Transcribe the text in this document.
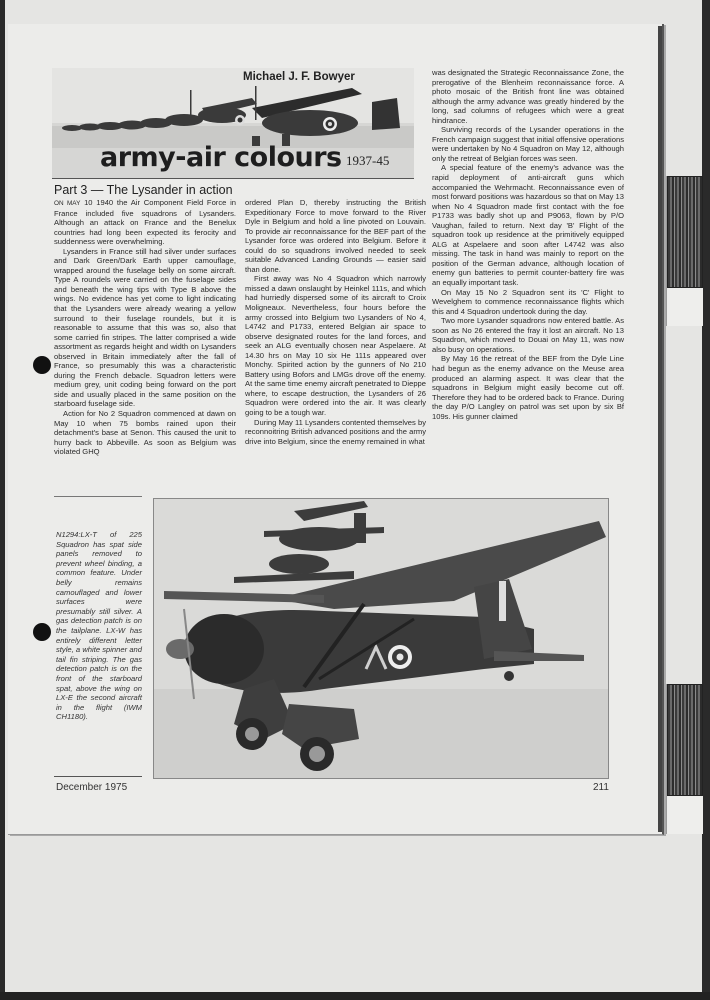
Michael J. F. Bowyer
army-air colours 1937-45
Part 3 — The Lysander in action

ON MAY 10 1940 the Air Component Field Force in France included five squadrons of Lysanders. Although an attack on France and the Benelux countries had long been expected its ferocity and suddenness were overwhelming.

Lysanders in France still had silver under surfaces and Dark Green/Dark Earth upper camouflage, wrapped around the fuselage belly on some aircraft. Type A roundels were carried on the fuselage sides and beneath the wing tips with Type B above the wings. No evidence has yet come to light indicating that the Lysanders were already wearing a yellow surround to their fuselage roundels, but it is reasonable to assume that this was so, also that some carried fin stripes. The latter comprised a wide assortment as regards height and width on Lysanders observed in Britain immediately after the fall of France, so presumably this was a characteristic during the French debacle. Squadron letters were medium grey, unit coding being forward on the port side and usually placed in the same position on the starboard fuselage side.

Action for No 2 Squadron commenced at dawn on May 10 when 75 bombs rained upon their detachment's base at Senon. This caused the unit to hurry back to Abbeville. As soon as Belgium was violated GHQ

ordered Plan D, thereby instructing the British Expeditionary Force to move forward to the River Dyle in Belgium and hold a line pivoted on Louvain. To provide air reconnaissance for the BEF part of the Lysander force was ordered into Belgium. Before it could do so squadrons involved needed to seek suitable Advanced Landing Grounds — easier said than done.

First away was No 4 Squadron which narrowly missed a dawn onslaught by Heinkel 111s, and which had hurriedly dispersed some of its aircraft to Croix Moligneaux. Nevertheless, four hours before the army crossed into Belgium two Lysanders of No 4, L4742 and P1733, entered Belgian air space to observe designated routes for the land forces, and seek an ALG eventually chosen near Aspelaere. At 14.30 hrs on May 10 six He 111s appeared over Monchy. Spirited action by the gunners of No 210 Battery using Bofors and LMGs drove off the enemy. At the same time enemy aircraft penetrated to Dieppe where, to escape destruction, the Lysanders of 26 Squadron were ordered into the air. It was clearly going to be a tough war.

During May 11 Lysanders contented themselves by reconnoitring British advanced positions and the army drive into Belgium, since the enemy remained in what

was designated the Strategic Reconnaissance Zone, the prerogative of the Blenheim reconnaissance force. A photo mosaic of the British front line was obtained although the army advance was greatly hindered by the long, sad columns of refugees which were a great hindrance.

Surviving records of the Lysander operations in the French campaign suggest that initial offensive operations were undertaken by No 4 Squadron on May 12, although only the retreat of Belgian forces was seen.

A special feature of the enemy's advance was the rapid deployment of anti-aircraft guns which accompanied the Wehrmacht. Reconnaissance even of most forward positions was hazardous so that on May 13 when No 4 Squadron made first contact with the foe P1733 was badly shot up and P9063, flown by P/O Vaughan, failed to return. Next day 'B' Flight of the squadron took up residence at the primitively equipped ALG at Aspelaere and soon after L4742 was also missing. The task in hand was mainly to report on the position of the German advance, although location of enemy gun batteries to permit counter-battery fire was an equally important task.

On May 15 No 2 Squadron sent its 'C' Flight to Wevelghem to commence reconnaissance flights which this and 4 Squadron undertook during the day.

Two more Lysander squadrons now entered battle. As soon as No 26 entered the fray it lost an aircraft. No 13 Squadron, which moved to Douai on May 11, was now also busy on operations.

By May 16 the retreat of the BEF from the Dyle Line had begun as the enemy advance on the Meuse area produced an alarming aspect. It was clear that the squadrons in Belgium might easily become cut off. Therefore they had to be ordered back to France. During the day P/O Langley on patrol was set upon by six Bf 109s. His gunner claimed

N1294:LX-T of 225 Squadron has spat side panels removed to prevent wheel binding, a common feature. Under belly remains camouflaged and lower surfaces were presumably still silver. A gas detection patch is on the tailplane. LX-W has entirely different letter style, a white spinner and tail fin striping. The gas detection patch is on the front of the starboard spat, above the wing on LX-E the second aircraft in the flight (IWM CH1180).
December 1975	211
